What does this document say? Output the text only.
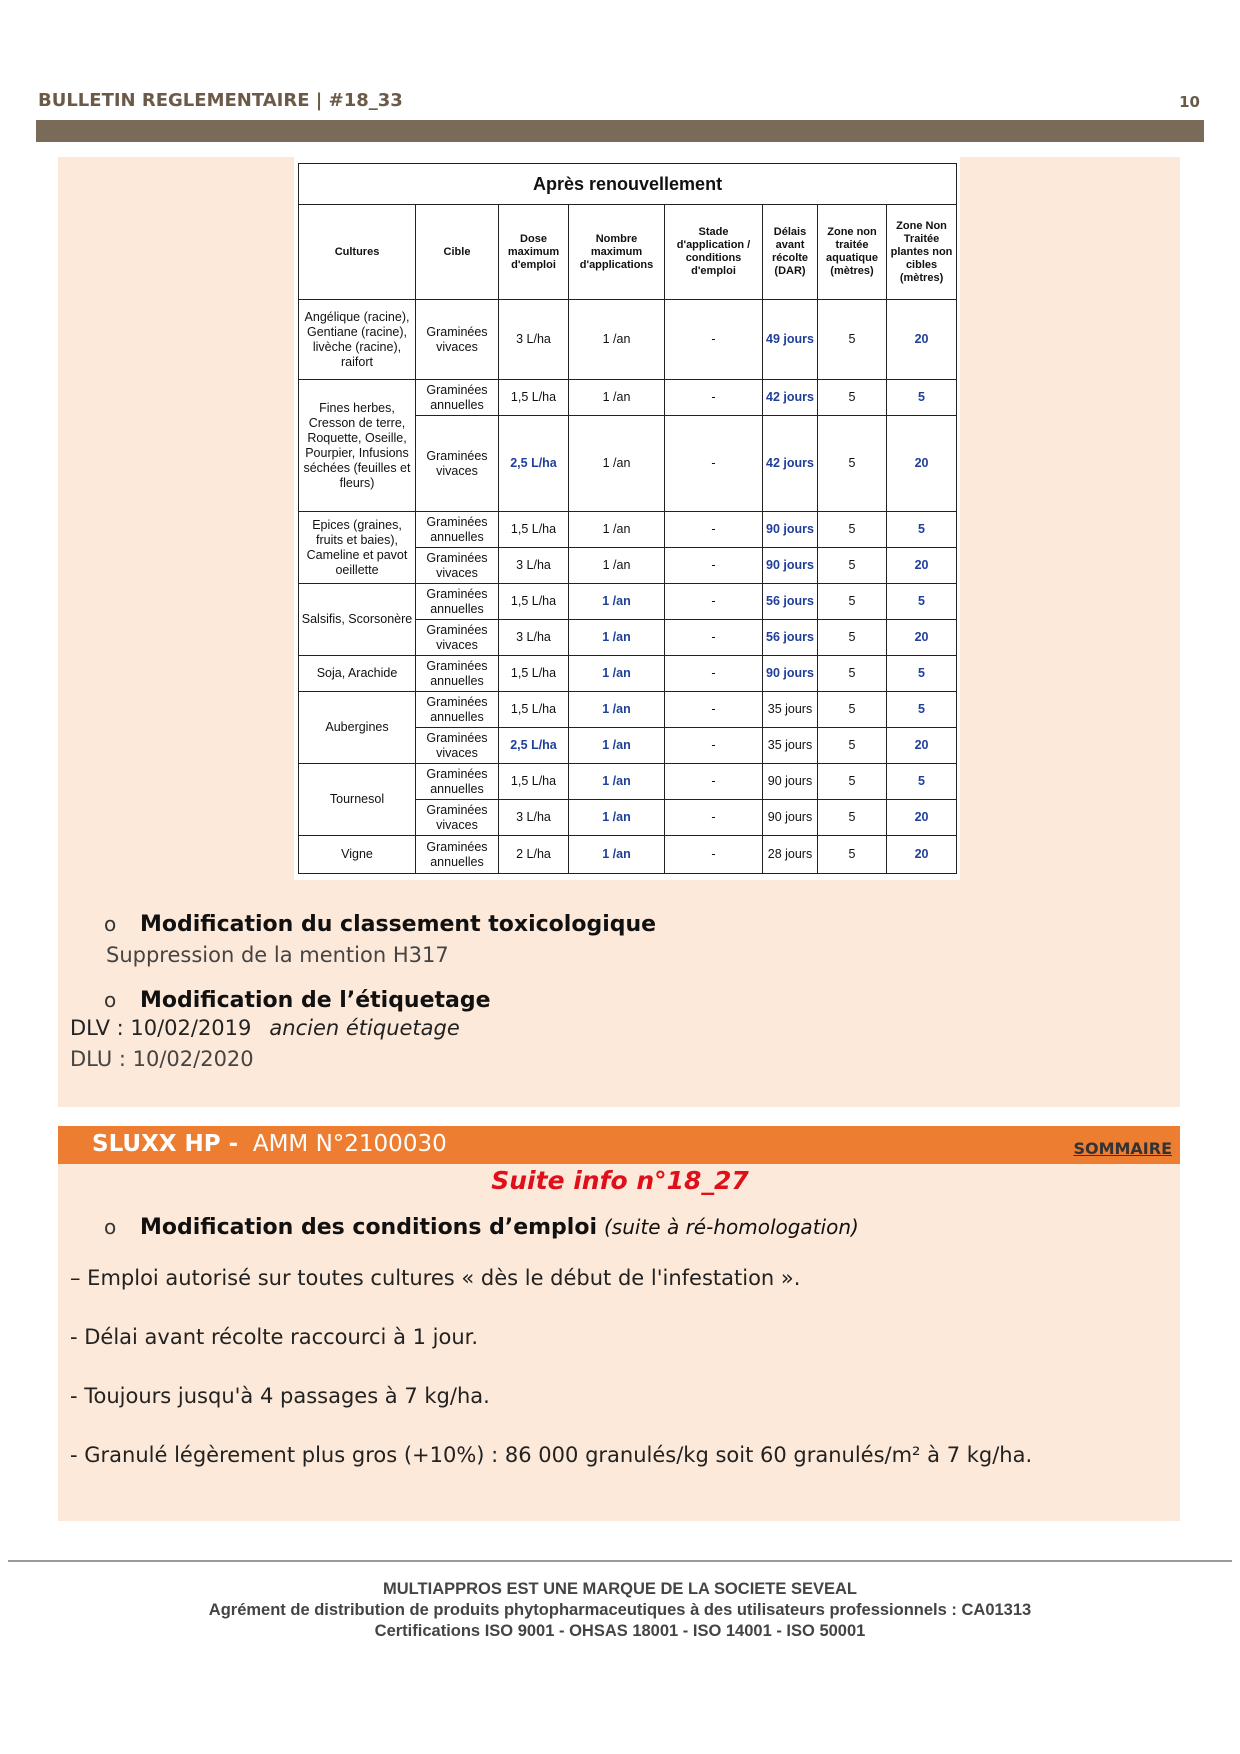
BULLETIN REGLEMENTAIRE | #18_33	10
Après renouvellement							
Cultures	Cible	Dose maximum d'emploi	Nombre maximum d'applications	Stade d'application / conditions d'emploi	Délais avant récolte (DAR)	Zone non traitée aquatique (mètres)	Zone Non Traitée plantes non cibles (mètres)
Angélique (racine), Gentiane (racine), livèche (racine), raifort	Graminées vivaces	3 L/ha	1 /an	-	49 jours	5	20
Fines herbes, Cresson de terre, Roquette, Oseille, Pourpier, Infusions séchées (feuilles et fleurs)	Graminées annuelles	1,5 L/ha	1 /an	-	42 jours	5	5
	Graminées vivaces	2,5 L/ha	1 /an	-	42 jours	5	20
Epices (graines, fruits et baies), Cameline et pavot oeillette	Graminées annuelles	1,5 L/ha	1 /an	-	90 jours	5	5
	Graminées vivaces	3 L/ha	1 /an	-	90 jours	5	20
Salsifis, Scorsonère	Graminées annuelles	1,5 L/ha	1 /an	-	56 jours	5	5
	Graminées vivaces	3 L/ha	1 /an	-	56 jours	5	20
Soja, Arachide	Graminées annuelles	1,5 L/ha	1 /an	-	90 jours	5	5
Aubergines	Graminées annuelles	1,5 L/ha	1 /an	-	35 jours	5	5
	Graminées vivaces	2,5 L/ha	1 /an	-	35 jours	5	20
Tournesol	Graminées annuelles	1,5 L/ha	1 /an	-	90 jours	5	5
	Graminées vivaces	3 L/ha	1 /an	-	90 jours	5	20
Vigne	Graminées annuelles	2 L/ha	1 /an	-	28 jours	5	20
o Modification du classement toxicologique
Suppression de la mention H317
o Modification de l’étiquetage
DLV : 10/02/2019 ancien étiquetage
DLU : 10/02/2020
SLUXX HP - AMM N°2100030	SOMMAIRE
Suite info n°18_27
o Modification des conditions d’emploi (suite à ré-homologation)
– Emploi autorisé sur toutes cultures « dès le début de l'infestation ».
- Délai avant récolte raccourci à 1 jour.
- Toujours jusqu'à 4 passages à 7 kg/ha.
- Granulé légèrement plus gros (+10%) : 86 000 granulés/kg soit 60 granulés/m² à 7 kg/ha.
MULTIAPPROS EST UNE MARQUE DE LA SOCIETE SEVEAL
Agrément de distribution de produits phytopharmaceutiques à des utilisateurs professionnels : CA01313
Certifications ISO 9001 - OHSAS 18001 - ISO 14001 - ISO 50001
